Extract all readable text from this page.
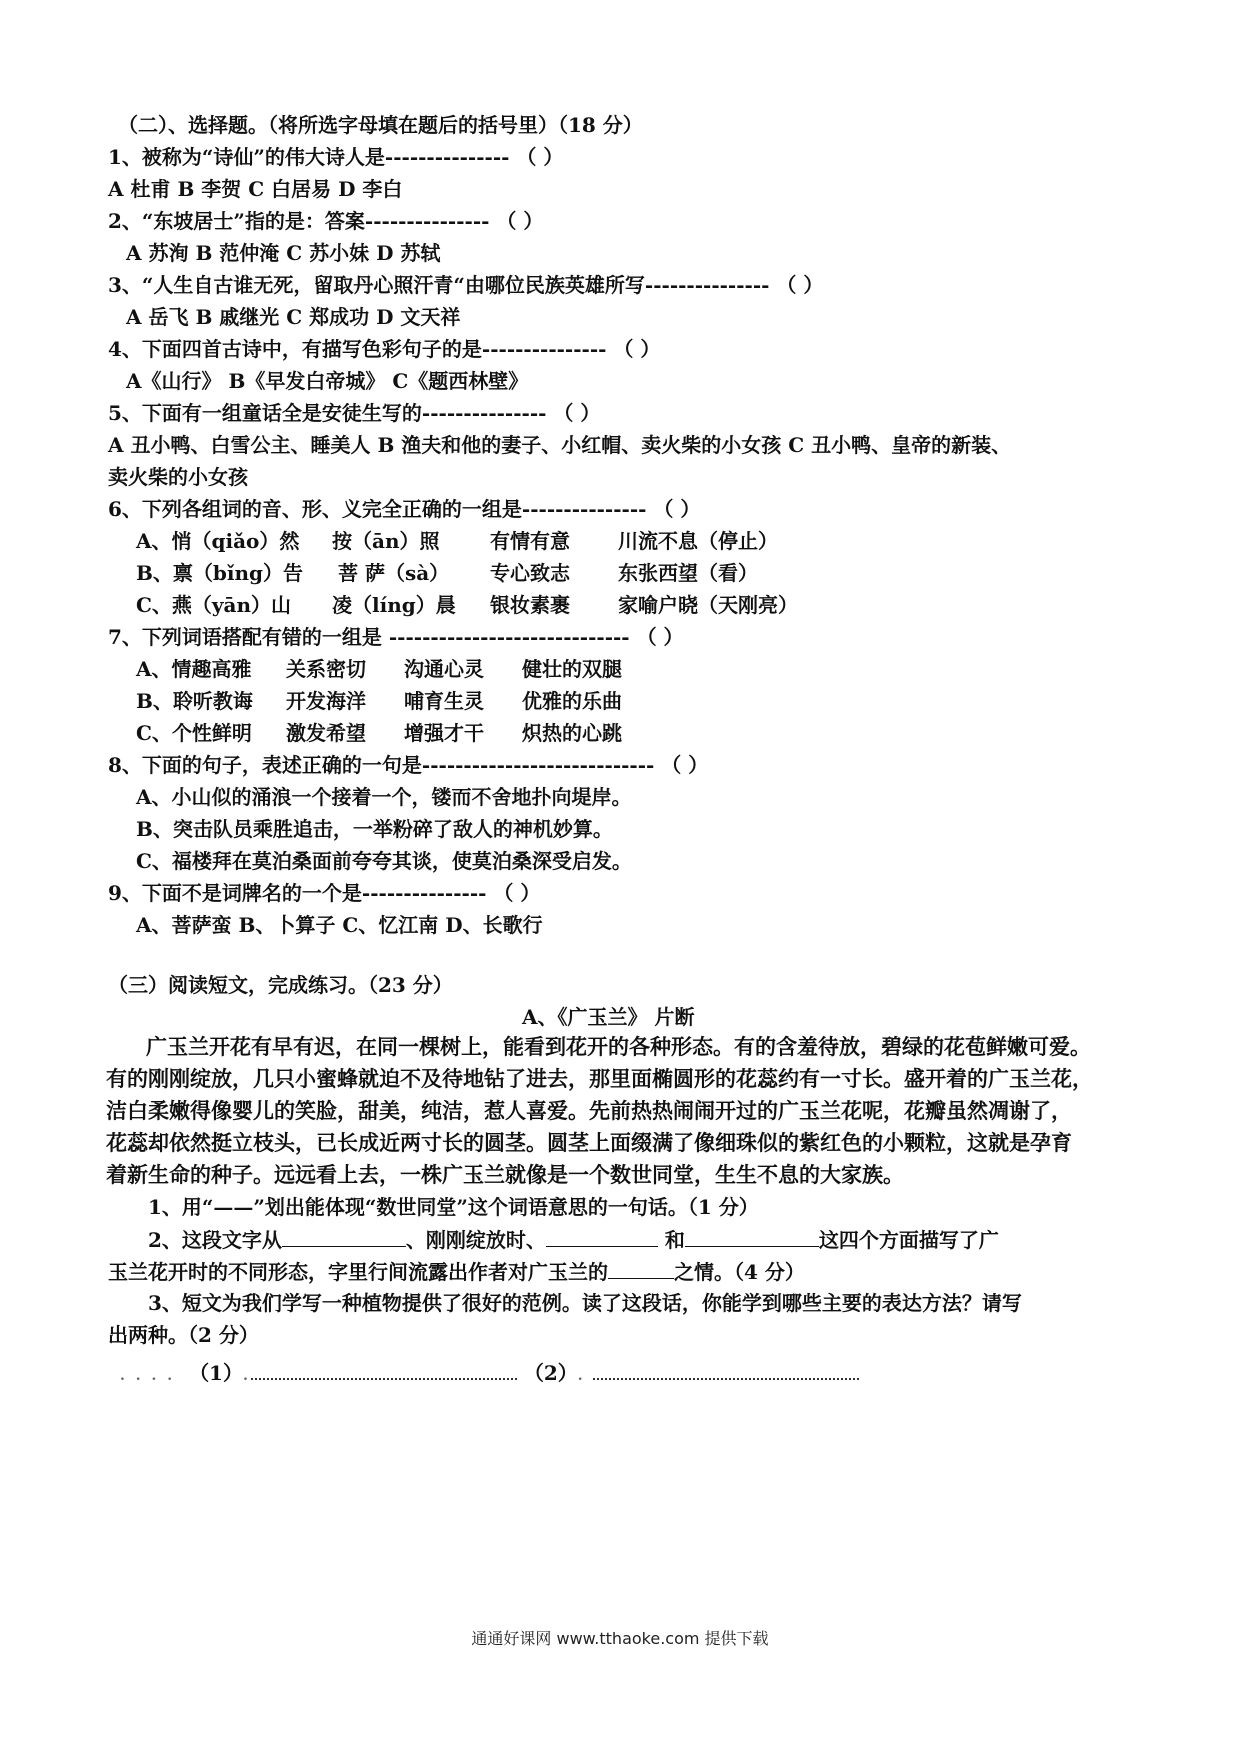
（二）、选择题。（将所选字母填在题后的括号里）（18 分）
1、被称为“诗仙”的伟大诗人是--------------- （ ）
A 杜甫 B 李贺 C 白居易 D 李白
2、“东坡居士”指的是：答案--------------- （ ）
A 苏洵 B 范仲淹 C 苏小妹 D 苏轼
3、“人生自古谁无死，留取丹心照汗青“由哪位民族英雄所写--------------- （ ）
A 岳飞 B 戚继光 C 郑成功 D 文天祥
4、下面四首古诗中，有描写色彩句子的是--------------- （ ）
A《山行》 B《早发白帝城》 C《题西林壁》
5、下面有一组童话全是安徒生写的--------------- （ ）
A 丑小鸭、白雪公主、睡美人 B 渔夫和他的妻子、小红帽、卖火柴的小女孩 C 丑小鸭、皇帝的新装、
卖火柴的小女孩
6、下列各组词的音、形、义完全正确的一组是--------------- （ ）
A、悄（qiǎo）然 按（ān）照	有情有意 川流不息（停止）
B、禀（bǐng）告 菩 萨（sà） 专心致志 东张西望（看）
C、燕（yān）山 凌（líng）晨 银妆素裹 家喻户晓（天刚亮）
7、下列词语搭配有错的一组是 ----------------------------- （ ）
A、情趣高雅 关系密切 沟通心灵 健壮的双腿
B、聆听教诲 开发海洋 哺育生灵 优雅的乐曲
C、个性鲜明 激发希望 增强才干 炽热的心跳
8、下面的句子，表述正确的一句是---------------------------- （ ）
A、小山似的涌浪一个接着一个，镂而不舍地扑向堤岸。
B、突击队员乘胜追击，一举粉碎了敌人的神机妙算。
C、福楼拜在莫泊桑面前夸夸其谈，使莫泊桑深受启发。
9、下面不是词牌名的一个是--------------- （ ）
A、菩萨蛮 B、卜算子 C、忆江南 D、长歌行
（三）阅读短文，完成练习。（23 分）
A、《广玉兰》 片断
广玉兰开花有早有迟，在同一棵树上，能看到花开的各种形态。有的含羞待放，碧绿的花苞鲜嫩可爱。
有的刚刚绽放，几只小蜜蜂就迫不及待地钻了进去，那里面椭圆形的花蕊约有一寸长。盛开着的广玉兰花，
洁白柔嫩得像婴儿的笑脸，甜美，纯洁，惹人喜爱。先前热热闹闹开过的广玉兰花呢，花瓣虽然凋谢了，
花蕊却依然挺立枝头，已长成近两寸长的圆茎。圆茎上面缀满了像细珠似的紫红色的小颗粒，这就是孕育
着新生命的种子。远远看上去，一株广玉兰就像是一个数世同堂，生生不息的大家族。
1、用“——”划出能体现“数世同堂”这个词语意思的一句话。（1 分）
2、这段文字从	、刚刚绽放时、	和	这四个方面描写了广
玉兰花开时的不同形态，字里行间流露出作者对广玉兰的	之情。（4 分）
3、短文为我们学写一种植物提供了很好的范例。读了这段话，你能学到哪些主要的表达方法？请写
出两种。（2 分）
. . . . （1）.	（2）.
通通好课网 www.tthaoke.com 提供下载
